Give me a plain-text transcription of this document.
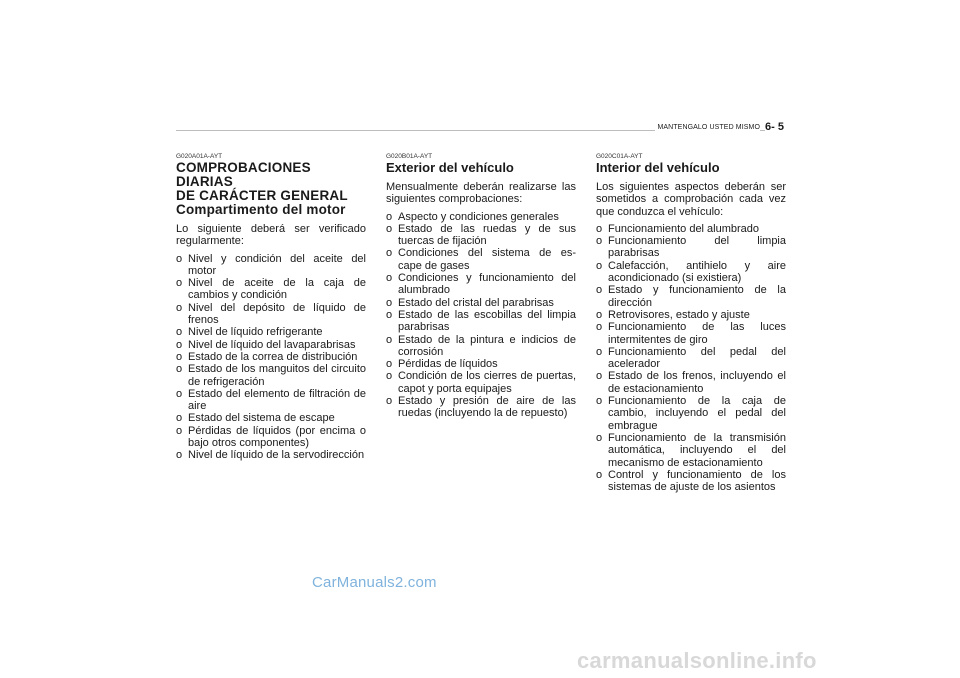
MANTENGALO USTED MISMO 6- 5
G020A01A-AYT
COMPROBACIONES DIARIAS
DE CARÁCTER GENERAL
Compartimento del motor

Lo siguiente deberá ser verificado regularmente:

o Nivel y condición del aceite del motor
o Nivel de aceite de la caja de cambios y condición
o Nivel del depósito de líquido de frenos
o Nivel de líquido refrigerante
o Nivel de líquido del lavaparabrisas
o Estado de la correa de distribución
o Estado de los manguitos del circuito de refrigeración
o Estado del elemento de filtración de aire
o Estado del sistema de escape
o Pérdidas de líquidos (por encima o bajo otros componentes)
o Nivel de líquido de la servodirección
G020B01A-AYT
Exterior del vehículo

Mensualmente deberán realizarse las siguientes comprobaciones:

o Aspecto y condiciones generales
o Estado de las ruedas y de sus tuercas de fijación
o Condiciones del sistema de es- cape de gases
o Condiciones y funcionamiento del alumbrado
o Estado del cristal del parabrisas
o Estado de las escobillas del limpia parabrisas
o Estado de la pintura e indicios de corrosión
o Pérdidas de líquidos
o Condición de los cierres de puertas, capot y porta equipajes
o Estado y presión de aire de las ruedas (incluyendo la de repuesto)
G020C01A-AYT
Interior del vehículo

Los siguientes aspectos deberán ser sometidos a comprobación cada vez que conduzca el vehículo:

o Funcionamiento del alumbrado
o Funcionamiento del limpia parabrisas
o Calefacción, antihielo y aire acondicionado (si existiera)
o Estado y funcionamiento de la dirección
o Retrovisores, estado y ajuste
o Funcionamiento de las luces intermitentes de giro
o Funcionamiento del pedal del acelerador
o Estado de los frenos, incluyendo el de estacionamiento
o Funcionamiento de la caja de cambio, incluyendo el pedal del embrague
o Funcionamiento de la transmisión automática, incluyendo el del mecanismo de estacionamiento
o Control y funcionamiento de los sistemas de ajuste de los asientos
CarManuals2.com
carmanualsonline.info
